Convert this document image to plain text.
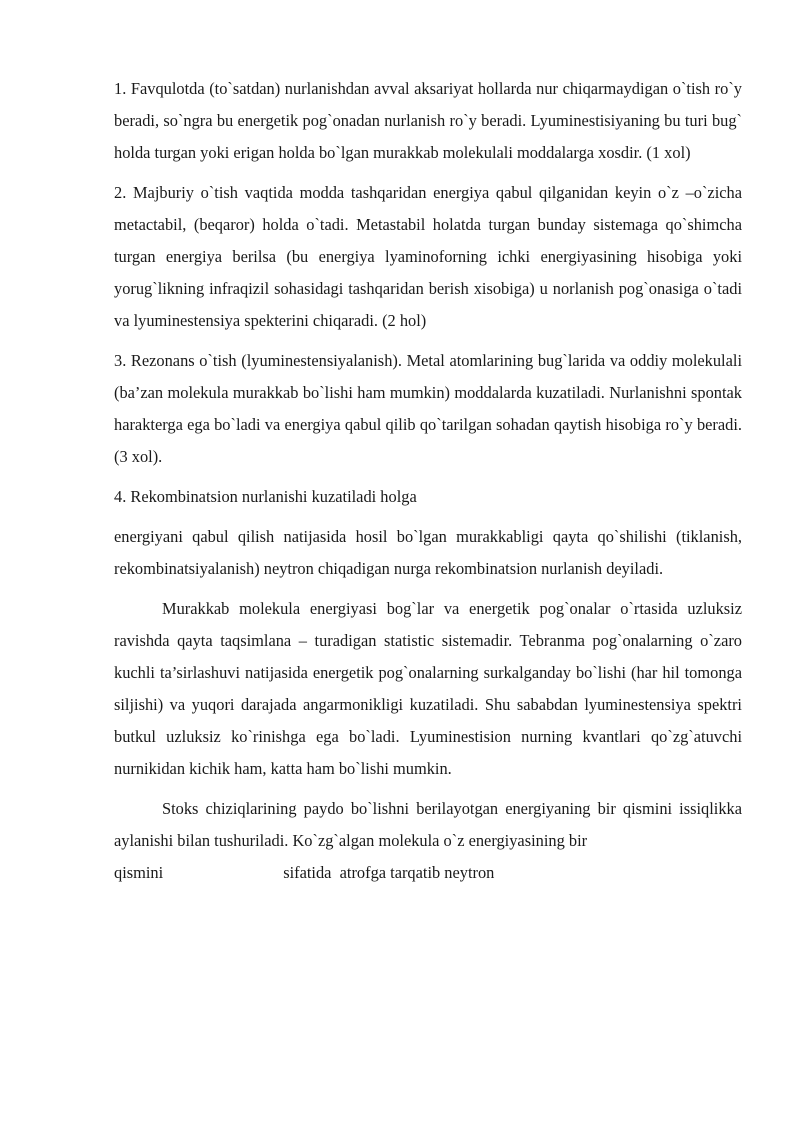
1. Favqulotda (to`satdan) nurlanishdan avval aksariyat hollarda nur chiqarmaydigan o`tish ro`y beradi, so`ngra bu energetik pog`onadan nurlanish ro`y beradi. Lyuminestisiyaning bu turi bug` holda turgan yoki erigan holda bo`lgan murakkab molekulali moddalarga xosdir. (1 xol)

2. Majburiy o`tish vaqtida modda tashqaridan energiya qabul qilganidan keyin o`z –o`zicha metactabil, (beqaror) holda o`tadi. Metastabil holatda turgan bunday sistemaga qo`shimcha turgan energiya berilsa (bu energiya lyaminoforning ichki energiyasining hisobiga yoki yorug`likning infraqizil sohasidagi tashqaridan berish xisobiga) u norlanish pog`onasiga o`tadi va lyuminestensiya spekterini chiqaradi. (2 hol)

3. Rezonans o`tish (lyuminestensiyalanish). Metal atomlarining bug`larida va oddiy molekulali (ba’zan molekula murakkab bo`lishi ham mumkin) moddalarda kuzatiladi. Nurlanishni spontak harakterga ega bo`ladi va energiya qabul qilib qo`tarilgan sohadan qaytish hisobiga ro`y beradi. (3 xol).

4. Rekombinatsion nurlanishi kuzatiladi holga

energiyani qabul qilish natijasida hosil bo`lgan murakkabligi qayta qo`shilishi (tiklanish, rekombinatsiyalanish) neytron chiqadigan nurga rekombinatsion nurlanish deyiladi.

Murakkab molekula energiyasi bog`lar va energetik pog`onalar o`rtasida uzluksiz ravishda qayta taqsimlana – turadigan statistic sistemadir. Tebranma pog`onalarning o`zaro kuchli ta’sirlashuvi natijasida energetik pog`onalarning surkalganday bo`lishi (har hil tomonga siljishi) va yuqori darajada angarmonikligi kuzatiladi. Shu sababdan lyuminestensiya spektri butkul uzluksiz ko`rinishga ega bo`ladi. Lyuminestision nurning kvantlari qo`zg`atuvchi nurnikidan kichik ham, katta ham bo`lishi mumkin.

Stoks chiziqlarining paydo bo`lishni berilayotgan energiyaning bir qismini issiqlikka aylanishi bilan tushuriladi. Ko`zg`algan molekula o`z energiyasining bir

qismini	sifatida  atrofga tarqatib neytron
